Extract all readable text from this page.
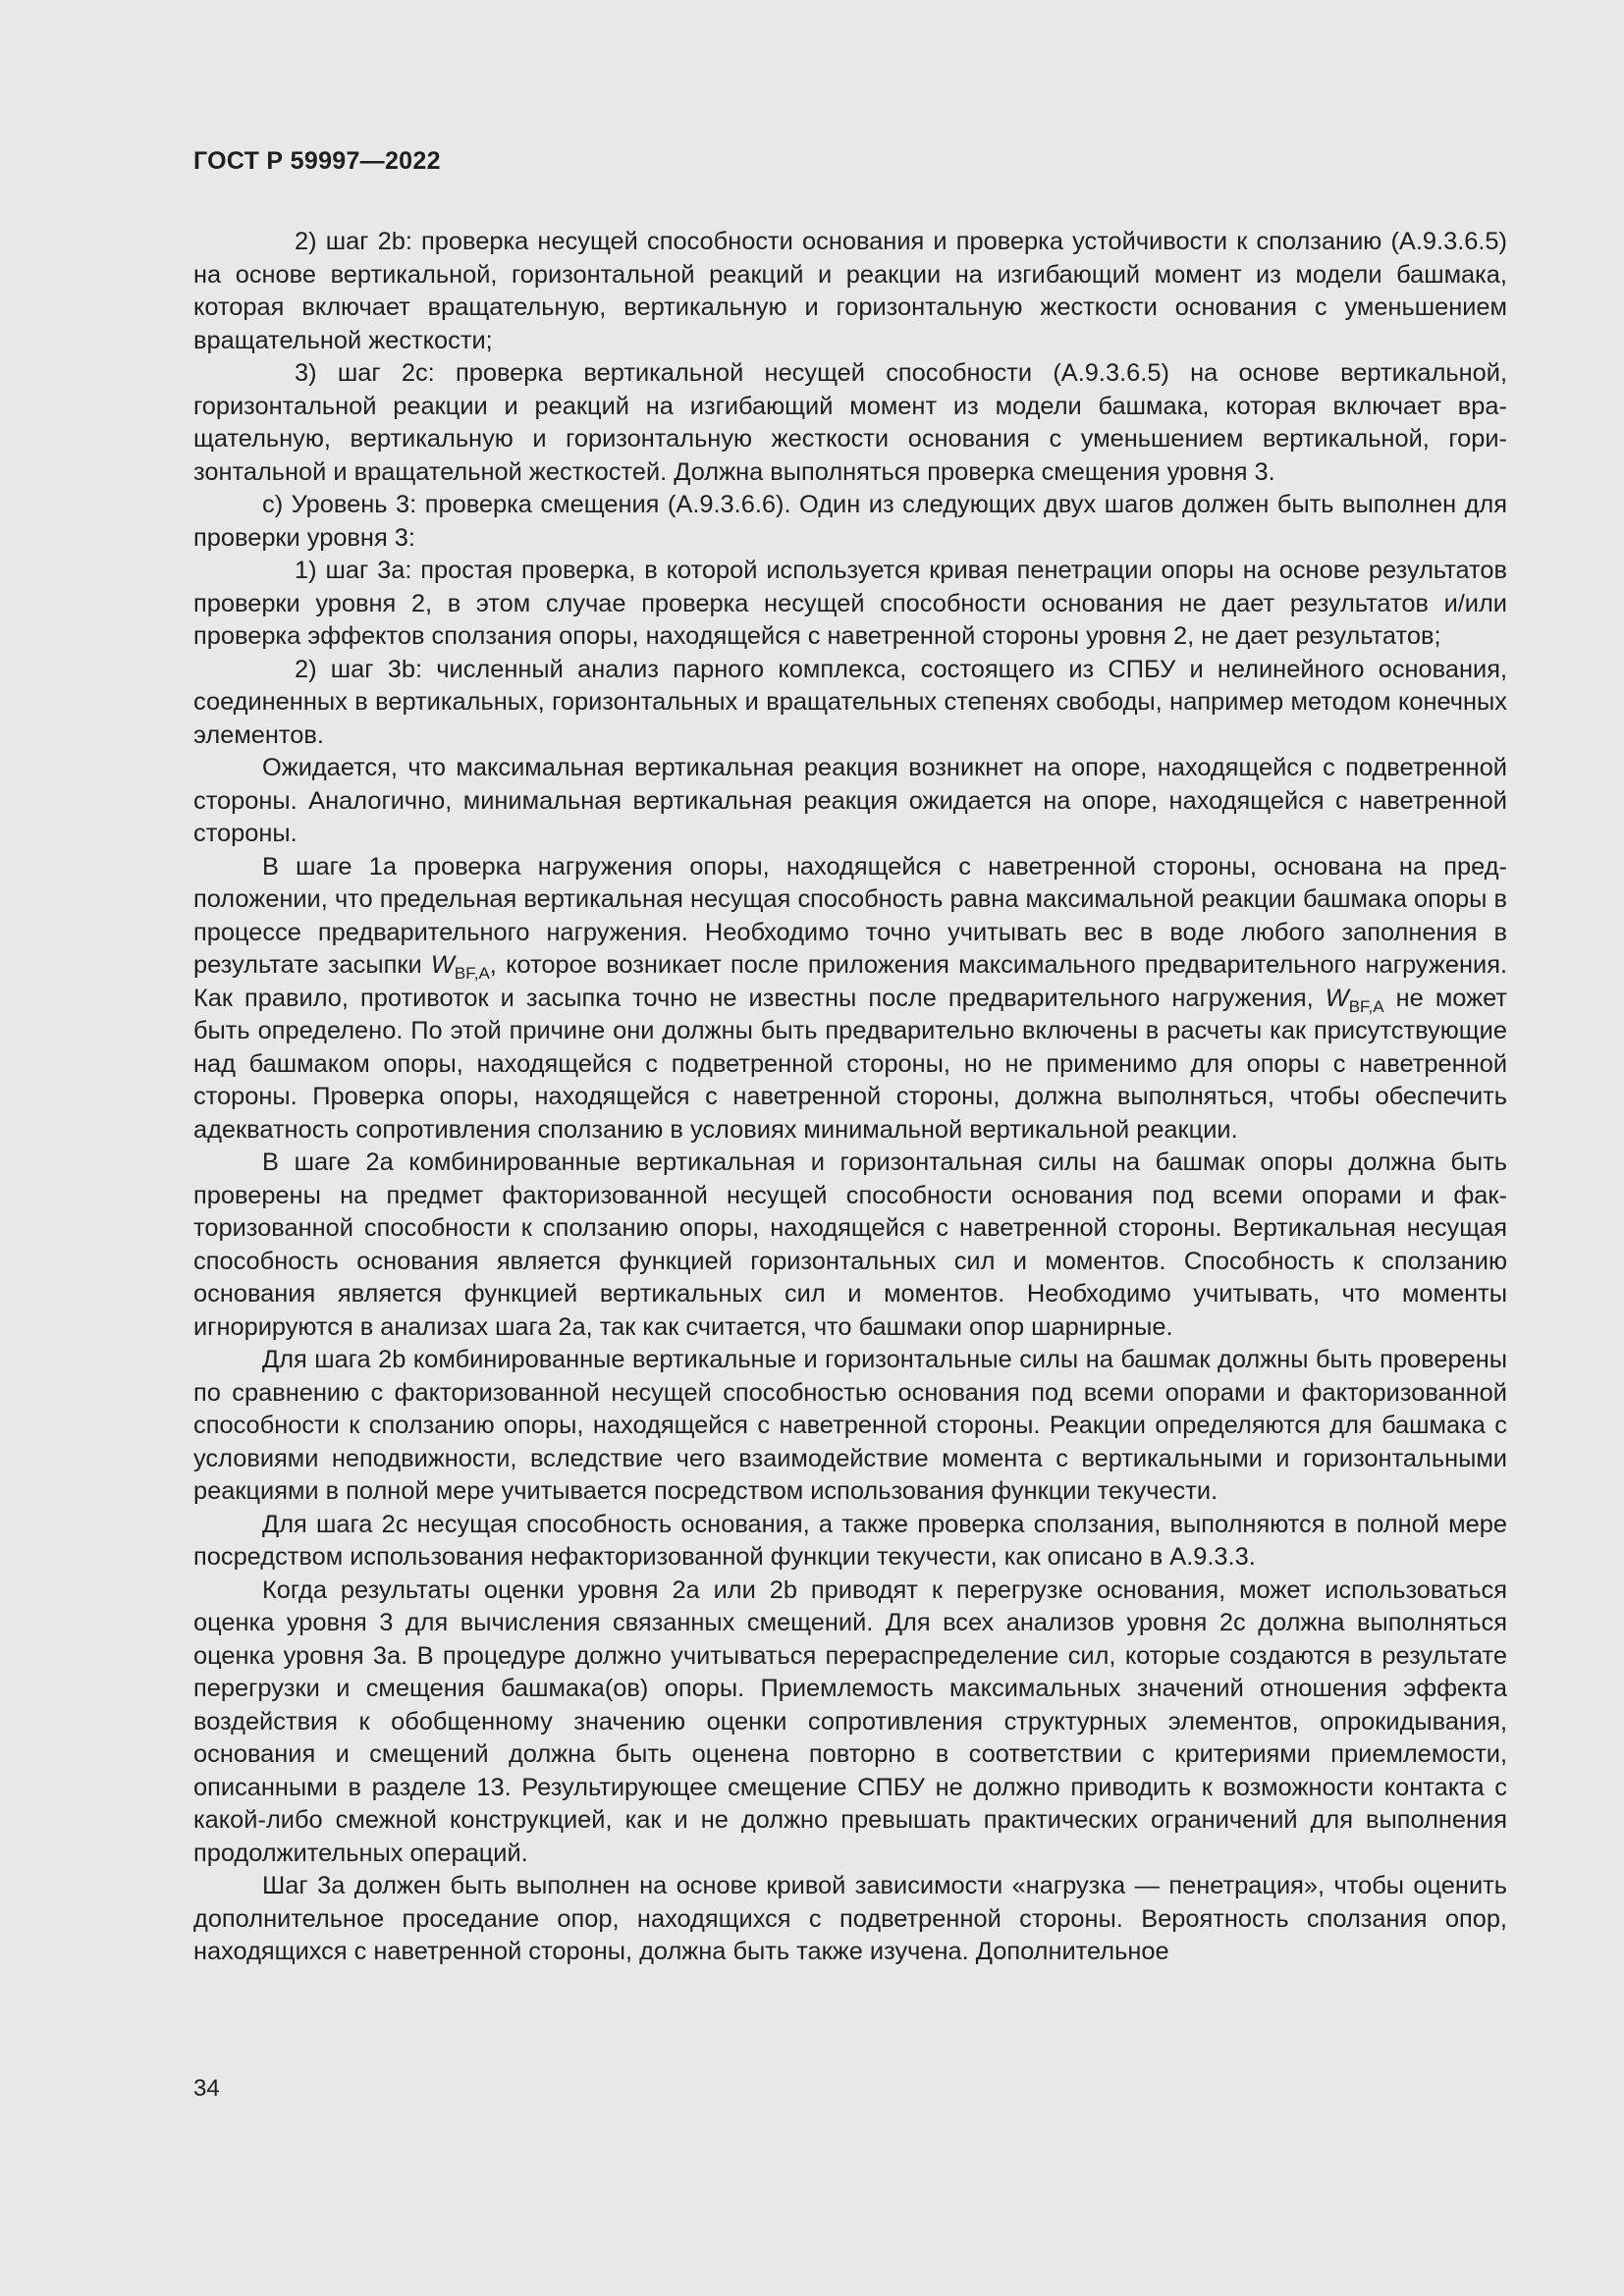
ГОСТ Р 59997—2022

2) шаг 2b: проверка несущей способности основания и проверка устойчивости к сползанию (А.9.3.6.5) на основе вертикальной, горизонтальной реакций и реакции на изгибающий момент из модели башмака, которая включает вращательную, вертикальную и горизонтальную жесткости основания с уменьшением вращательной жесткости;

3) шаг 2с: проверка вертикальной несущей способности (А.9.3.6.5) на основе вертикальной, горизонтальной реакции и реакций на изгибающий момент из модели башмака, которая включает вращательную, вертикальную и горизонтальную жесткости основания с уменьшением вертикальной, горизонтальной и вращательной жесткостей. Должна выполняться проверка смещения уровня 3.

с) Уровень 3: проверка смещения (А.9.3.6.6). Один из следующих двух шагов должен быть выполнен для проверки уровня 3:

1) шаг 3а: простая проверка, в которой используется кривая пенетрации опоры на основе результатов проверки уровня 2, в этом случае проверка несущей способности основания не дает результатов и/или проверка эффектов сползания опоры, находящейся с наветренной стороны уровня 2, не дает результатов;

2) шаг 3b: численный анализ парного комплекса, состоящего из СПБУ и нелинейного основания, соединенных в вертикальных, горизонтальных и вращательных степенях свободы, например методом конечных элементов.

Ожидается, что максимальная вертикальная реакция возникнет на опоре, находящейся с подветренной стороны. Аналогично, минимальная вертикальная реакция ожидается на опоре, находящейся с наветренной стороны.

В шаге 1а проверка нагружения опоры, находящейся с наветренной стороны, основана на предположении, что предельная вертикальная несущая способность равна максимальной реакции башмака опоры в процессе предварительного нагружения. Необходимо точно учитывать вес в воде любого заполнения в результате засыпки $W_{BF,A}$, которое возникает после приложения максимального предварительного нагружения. Как правило, противоток и засыпка точно не известны после предварительного нагружения, $W_{BF,A}$ не может быть определено. По этой причине они должны быть предварительно включены в расчеты как присутствующие над башмаком опоры, находящейся с подветренной стороны, но не применимо для опоры с наветренной стороны. Проверка опоры, находящейся с наветренной стороны, должна выполняться, чтобы обеспечить адекватность сопротивления сползанию в условиях минимальной вертикальной реакции.

В шаге 2а комбинированные вертикальная и горизонтальная силы на башмак опоры должна быть проверены на предмет факторизованной несущей способности основания под всеми опорами и факторизованной способности к сползанию опоры, находящейся с наветренной стороны. Вертикальная несущая способность основания является функцией горизонтальных сил и моментов. Способность к сползанию основания является функцией вертикальных сил и моментов. Необходимо учитывать, что моменты игнорируются в анализах шага 2а, так как считается, что башмаки опор шарнирные.

Для шага 2b комбинированные вертикальные и горизонтальные силы на башмак должны быть проверены по сравнению с факторизованной несущей способностью основания под всеми опорами и факторизованной способности к сползанию опоры, находящейся с наветренной стороны. Реакции определяются для башмака с условиями неподвижности, вследствие чего взаимодействие момента с вертикальными и горизонтальными реакциями в полной мере учитывается посредством использования функции текучести.

Для шага 2с несущая способность основания, а также проверка сползания, выполняются в полной мере посредством использования нефакторизованной функции текучести, как описано в А.9.3.3.

Когда результаты оценки уровня 2а или 2b приводят к перегрузке основания, может использоваться оценка уровня 3 для вычисления связанных смещений. Для всех анализов уровня 2с должна выполняться оценка уровня 3а. В процедуре должно учитываться перераспределение сил, которые создаются в результате перегрузки и смещения башмака(ов) опоры. Приемлемость максимальных значений отношения эффекта воздействия к обобщенному значению оценки сопротивления структурных элементов, опрокидывания, основания и смещений должна быть оценена повторно в соответствии с критериями приемлемости, описанными в разделе 13. Результирующее смещение СПБУ не должно приводить к возможности контакта с какой-либо смежной конструкцией, как и не должно превышать практических ограничений для выполнения продолжительных операций.

Шаг 3а должен быть выполнен на основе кривой зависимости «нагрузка — пенетрация», чтобы оценить дополнительное проседание опор, находящихся с подветренной стороны. Вероятность сползания опор, находящихся с наветренной стороны, должна быть также изучена. Дополнительное

34
